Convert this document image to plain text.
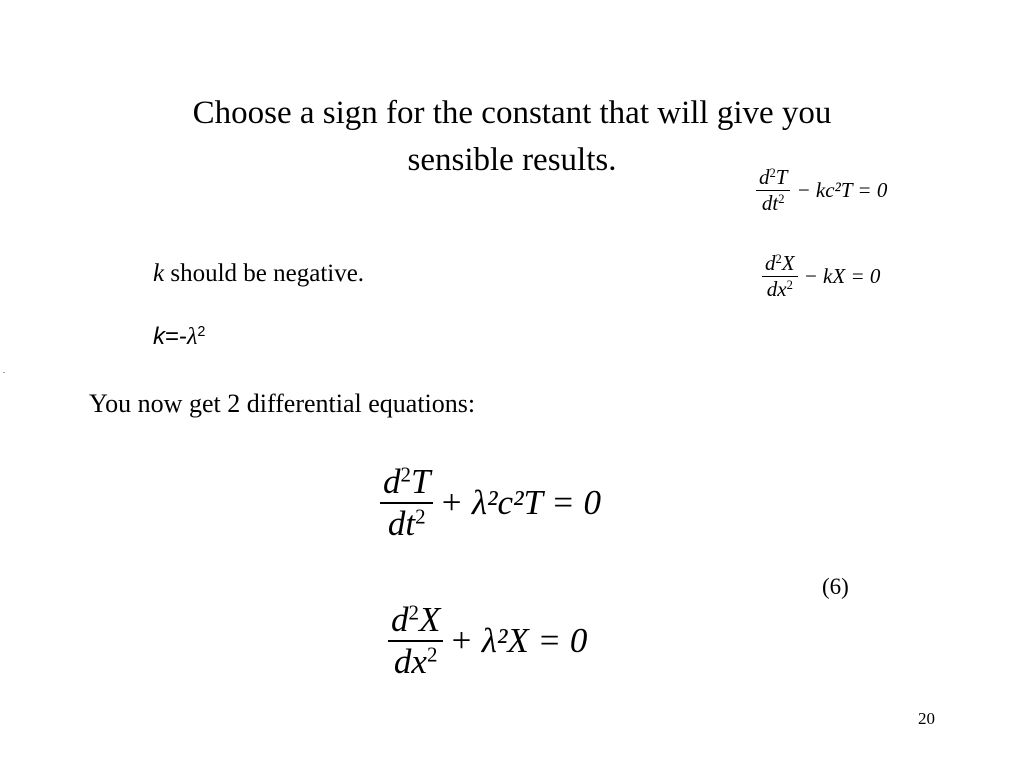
Choose a sign for the constant that will give you
sensible results.
$\frac{d^2T}{dt^2} - kc^2T = 0$
$\frac{d^2X}{dx^2}$ − kX = 0
k should be negative.
$k=-\lambda^2$
.
You now get 2 differential equations:
$\frac{d^2T}{dt^2} + \lambda^2c^2T = 0$
(6)
$\frac{d^2X}{dx^2} + \lambda^2X = 0$
20
